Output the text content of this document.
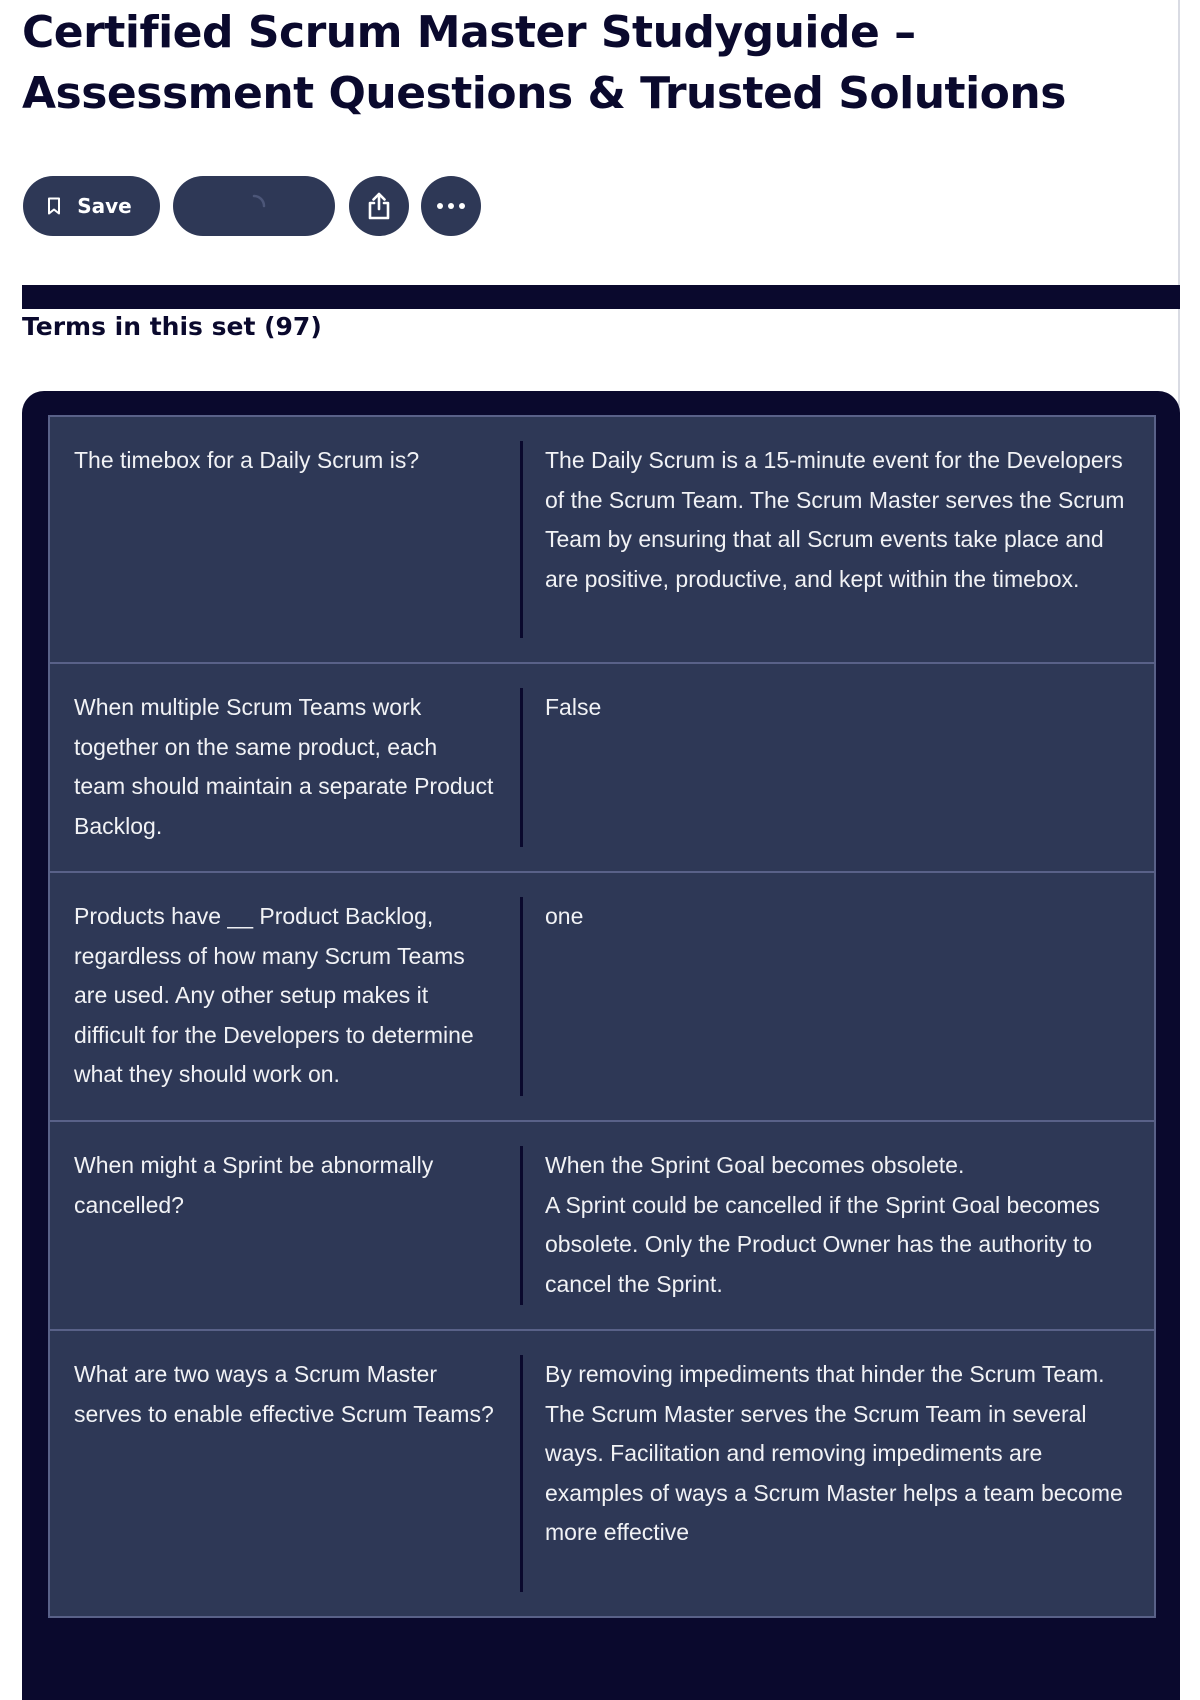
Certified Scrum Master Studyguide – Assessment Questions & Trusted Solutions
Save
Terms in this set (97)
The timebox for a Daily Scrum is?	The Daily Scrum is a 15-minute event for the Developers of the Scrum Team. The Scrum Master serves the Scrum Team by ensuring that all Scrum events take place and are positive, productive, and kept within the timebox.
When multiple Scrum Teams work together on the same product, each team should maintain a separate Product Backlog.
False
Products have __ Product Backlog, regardless of how many Scrum Teams are used. Any other setup makes it difficult for the Developers to determine what they should work on.
one
When might a Sprint be abnormally cancelled?
When the Sprint Goal becomes obsolete.
A Sprint could be cancelled if the Sprint Goal becomes obsolete. Only the Product Owner has the authority to cancel the Sprint.
What are two ways a Scrum Master serves to enable effective Scrum Teams?
By removing impediments that hinder the Scrum Team.
The Scrum Master serves the Scrum Team in several ways. Facilitation and removing impediments are examples of ways a Scrum Master helps a team become more effective
